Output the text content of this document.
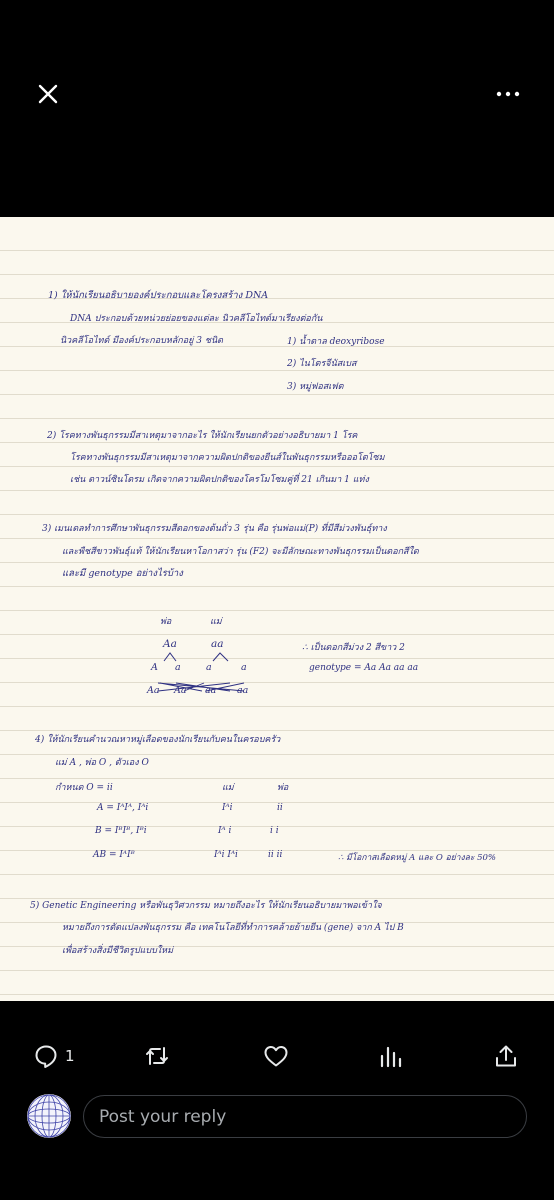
1) ให้นักเรียนอธิบายองค์ประกอบและโครงสร้าง DNA
DNA ประกอบด้วยหน่วยย่อยของแต่ละ นิวคลีโอไทด์มาเรียงต่อกัน
นิวคลีโอไทด์ มีองค์ประกอบหลักอยู่ 3 ชนิด	1) น้ำตาล deoxyribose
2) ไนโตรจีนัสเบส
3) หมู่ฟอสเฟต
2) โรคทางพันธุกรรมมีสาเหตุมาจากอะไร ให้นักเรียนยกตัวอย่างอธิบายมา 1 โรค
โรคทางพันธุกรรมมีสาเหตุมาจากความผิดปกติของยีนส์ในพันธุกรรมหรือออโตโซม
เช่น ดาวน์ซินโดรม เกิดจากความผิดปกติของโครโมโซมคู่ที่ 21 เกินมา 1 แท่ง
3) เมนเดลทำการศึกษาพันธุกรรมสีดอกของต้นถั่ว 3 รุ่น คือ รุ่นพ่อแม่(P) ที่มีสีม่วงพันธุ์ทาง
และพืชสีขาวพันธุ์แท้ ให้นักเรียนหาโอกาสว่า รุ่น (F2) จะมีลักษณะทางพันธุกรรมเป็นดอกสีใด
และมี genotype อย่างไรบ้าง
พ่อ	แม่
Aa	aa
A a	a	a
Aa Aa aa aa
∴ เป็นดอกสีม่วง 2 สีขาว 2
genotype = Aa Aa aa aa
4) ให้นักเรียนคำนวณหาหมู่เลือดของนักเรียนกับคนในครอบครัว
แม่ A , พ่อ O , ตัวเอง O
กำหนด O = ii	แม่	พ่อ
A = IᴬIᴬ, Iᴬi	Iᴬi	ii
B = IᴮIᴮ, Iᴮi	Iᴬ i	i i
AB = IᴬIᴮ	Iᴬi Iᴬi	ii ii	∴ มีโอกาสเลือดหมู่ A และ O อย่างละ 50%
5) Genetic Engineering หรือพันธุวิศวกรรม หมายถึงอะไร ให้นักเรียนอธิบายมาพอเข้าใจ
หมายถึงการตัดแปลงพันธุกรรม คือ เทคโนโลยีที่ทำการคล้ายย้ายยีน (gene) จาก A ไป B
เพื่อสร้างสิ่งมีชีวิตรูปแบบใหม่
1
Post your reply
